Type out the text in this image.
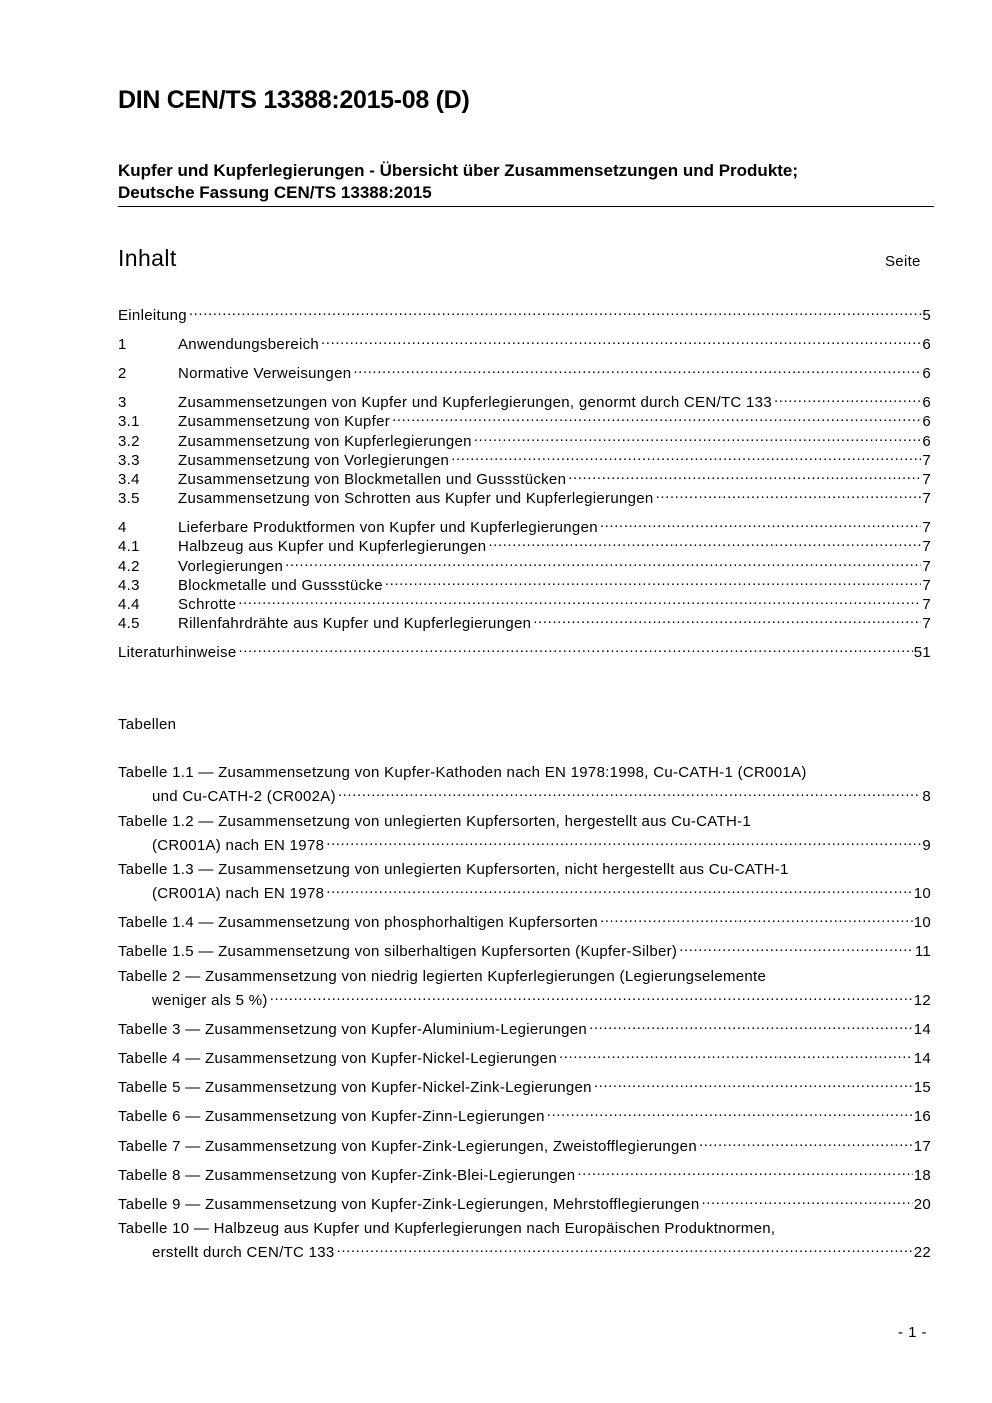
DIN CEN/TS 13388:2015-08 (D)
Kupfer und Kupferlegierungen - Übersicht über Zusammensetzungen und Produkte;
Deutsche Fassung CEN/TS 13388:2015
Inhalt	Seite
Einleitung .....	5
1	Anwendungsbereich .....	6
2	Normative Verweisungen .....	6
3	Zusammensetzungen von Kupfer und Kupferlegierungen, genormt durch CEN/TC 133 .....	6
3.1	Zusammensetzung von Kupfer .....	6
3.2	Zusammensetzung von Kupferlegierungen .....	6
3.3	Zusammensetzung von Vorlegierungen .....	7
3.4	Zusammensetzung von Blockmetallen und Gussstücken .....	7
3.5	Zusammensetzung von Schrotten aus Kupfer und Kupferlegierungen .....	7
4	Lieferbare Produktformen von Kupfer und Kupferlegierungen .....	7
4.1	Halbzeug aus Kupfer und Kupferlegierungen .....	7
4.2	Vorlegierungen .....	7
4.3	Blockmetalle und Gussstücke .....	7
4.4	Schrotte .....	7
4.5	Rillenfahrdrähte aus Kupfer und Kupferlegierungen .....	7
Literaturhinweise .....	51
Tabellen
Tabelle 1.1 — Zusammensetzung von Kupfer-Kathoden nach EN 1978:1998, Cu-CATH-1 (CR001A)
und Cu-CATH-2 (CR002A) .....	8
Tabelle 1.2 — Zusammensetzung von unlegierten Kupfersorten, hergestellt aus Cu-CATH-1
(CR001A) nach EN 1978 .....	9
Tabelle 1.3 — Zusammensetzung von unlegierten Kupfersorten, nicht hergestellt aus Cu-CATH-1
(CR001A) nach EN 1978 .....	10
Tabelle 1.4 — Zusammensetzung von phosphorhaltigen Kupfersorten .....	10
Tabelle 1.5 — Zusammensetzung von silberhaltigen Kupfersorten (Kupfer-Silber) .....	11
Tabelle 2 — Zusammensetzung von niedrig legierten Kupferlegierungen (Legierungselemente
weniger als 5 %) .....	12
Tabelle 3 — Zusammensetzung von Kupfer-Aluminium-Legierungen .....	14
Tabelle 4 — Zusammensetzung von Kupfer-Nickel-Legierungen .....	14
Tabelle 5 — Zusammensetzung von Kupfer-Nickel-Zink-Legierungen .....	15
Tabelle 6 — Zusammensetzung von Kupfer-Zinn-Legierungen .....	16
Tabelle 7 — Zusammensetzung von Kupfer-Zink-Legierungen, Zweistofflegierungen .....	17
Tabelle 8 — Zusammensetzung von Kupfer-Zink-Blei-Legierungen .....	18
Tabelle 9 — Zusammensetzung von Kupfer-Zink-Legierungen, Mehrstofflegierungen .....	20
Tabelle 10 — Halbzeug aus Kupfer und Kupferlegierungen nach Europäischen Produktnormen,
erstellt durch CEN/TC 133 .....	22
- 1 -
